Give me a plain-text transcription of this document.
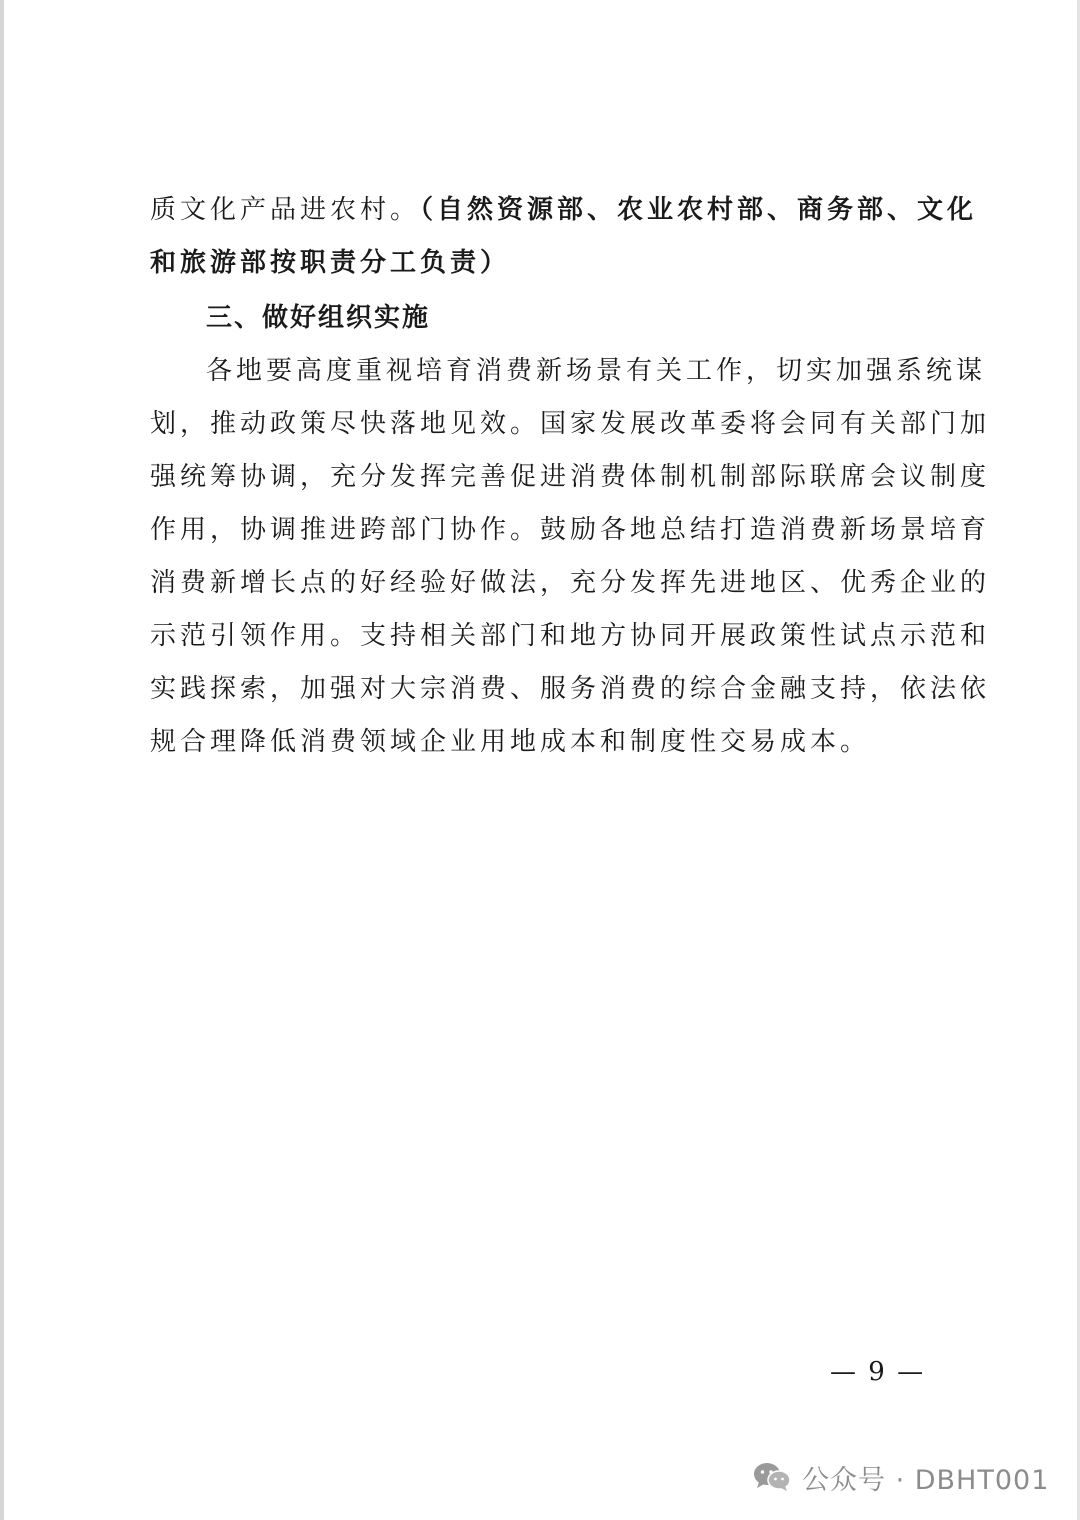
质文化产品进农村。（自然资源部、农业农村部、商务部、文化
和旅游部按职责分工负责）
三、做好组织实施
各地要高度重视培育消费新场景有关工作，切实加强系统谋
划，推动政策尽快落地见效。国家发展改革委将会同有关部门加
强统筹协调，充分发挥完善促进消费体制机制部际联席会议制度
作用，协调推进跨部门协作。鼓励各地总结打造消费新场景培育
消费新增长点的好经验好做法，充分发挥先进地区、优秀企业的
示范引领作用。支持相关部门和地方协同开展政策性试点示范和
实践探索，加强对大宗消费、服务消费的综合金融支持，依法依
规合理降低消费领域企业用地成本和制度性交易成本。
— 9 —
公众号 · DBHT001
